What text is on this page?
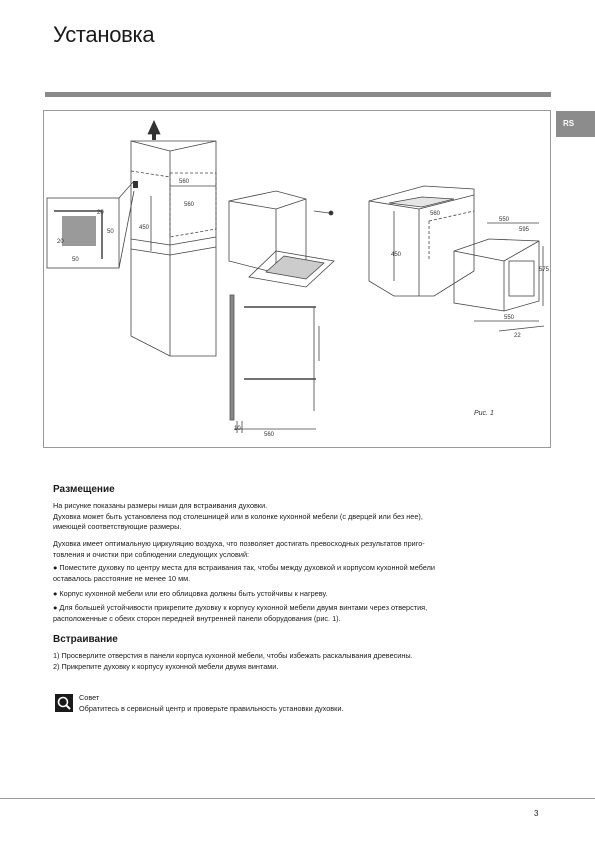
Установка
RS
20
50
20
50
560
560
450
10
560
560
550
450
595
550
575
22
Рис. 1
Размещение

На рисунке показаны размеры ниши для встраивания духовки.
Духовка может быть установлена под столешницей или в колонке кухонной мебели (с дверцей или без нее),
имеющей соответствующие размеры.

Духовка имеет оптимальную циркуляцию воздуха, что позволяет достигать превосходных результатов приго-
товления и очистки при соблюдении следующих условий:

● Поместите духовку по центру места для встраивания так, чтобы между духовкой и корпусом кухонной мебели
оставалось расстояние не менее 10 мм.

● Корпус кухонной мебели или его облицовка должны быть устойчивы к нагреву.

● Для большей устойчивости прикрепите духовку к корпусу кухонной мебели двумя винтами через отверстия,
расположенные с обеих сторон передней внутренней панели оборудования (рис. 1).

Встраивание

1) Просверлите отверстия в панели корпуса кухонной мебели, чтобы избежать раскалывания древесины.
2) Прикрепите духовку к корпусу кухонной мебели двумя винтами.

Совет
Обратитесь в сервисный центр и проверьте правильность установки духовки.
3
